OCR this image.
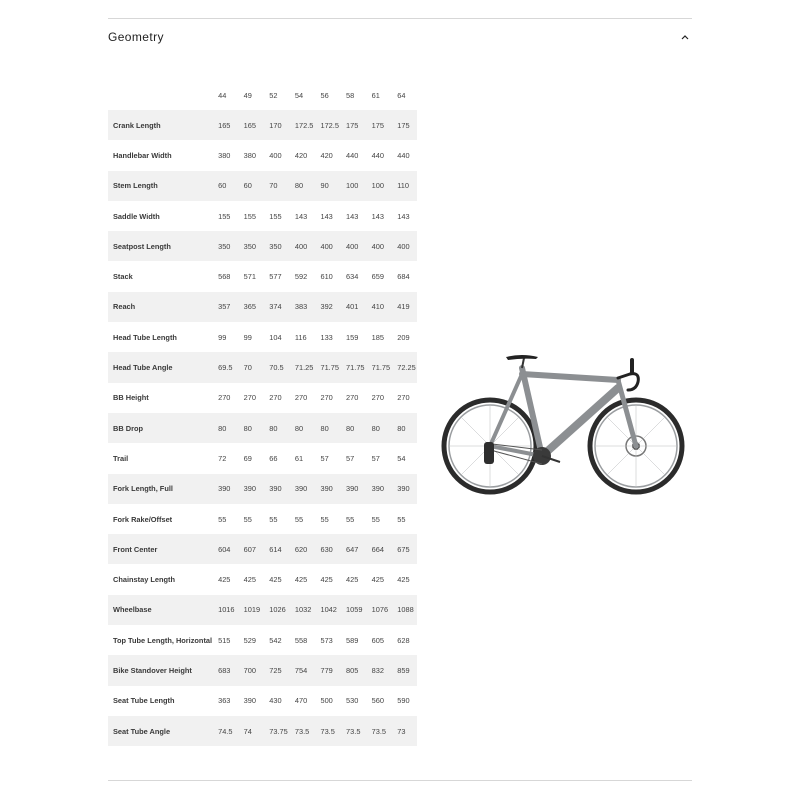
Geometry
	44	49	52	54	56	58	61	64
Crank Length	165	165	170	172.5	172.5	175	175	175
Handlebar Width	380	380	400	420	420	440	440	440
Stem Length	60	60	70	80	90	100	100	110
Saddle Width	155	155	155	143	143	143	143	143
Seatpost Length	350	350	350	400	400	400	400	400
Stack	568	571	577	592	610	634	659	684
Reach	357	365	374	383	392	401	410	419
Head Tube Length	99	99	104	116	133	159	185	209
Head Tube Angle	69.5	70	70.5	71.25	71.75	71.75	71.75	72.25
BB Height	270	270	270	270	270	270	270	270
BB Drop	80	80	80	80	80	80	80	80
Trail	72	69	66	61	57	57	57	54
Fork Length, Full	390	390	390	390	390	390	390	390
Fork Rake/Offset	55	55	55	55	55	55	55	55
Front Center	604	607	614	620	630	647	664	675
Chainstay Length	425	425	425	425	425	425	425	425
Wheelbase	1016	1019	1026	1032	1042	1059	1076	1088
Top Tube Length, Horizontal	515	529	542	558	573	589	605	628
Bike Standover Height	683	700	725	754	779	805	832	859
Seat Tube Length	363	390	430	470	500	530	560	590
Seat Tube Angle	74.5	74	73.75	73.5	73.5	73.5	73.5	73
